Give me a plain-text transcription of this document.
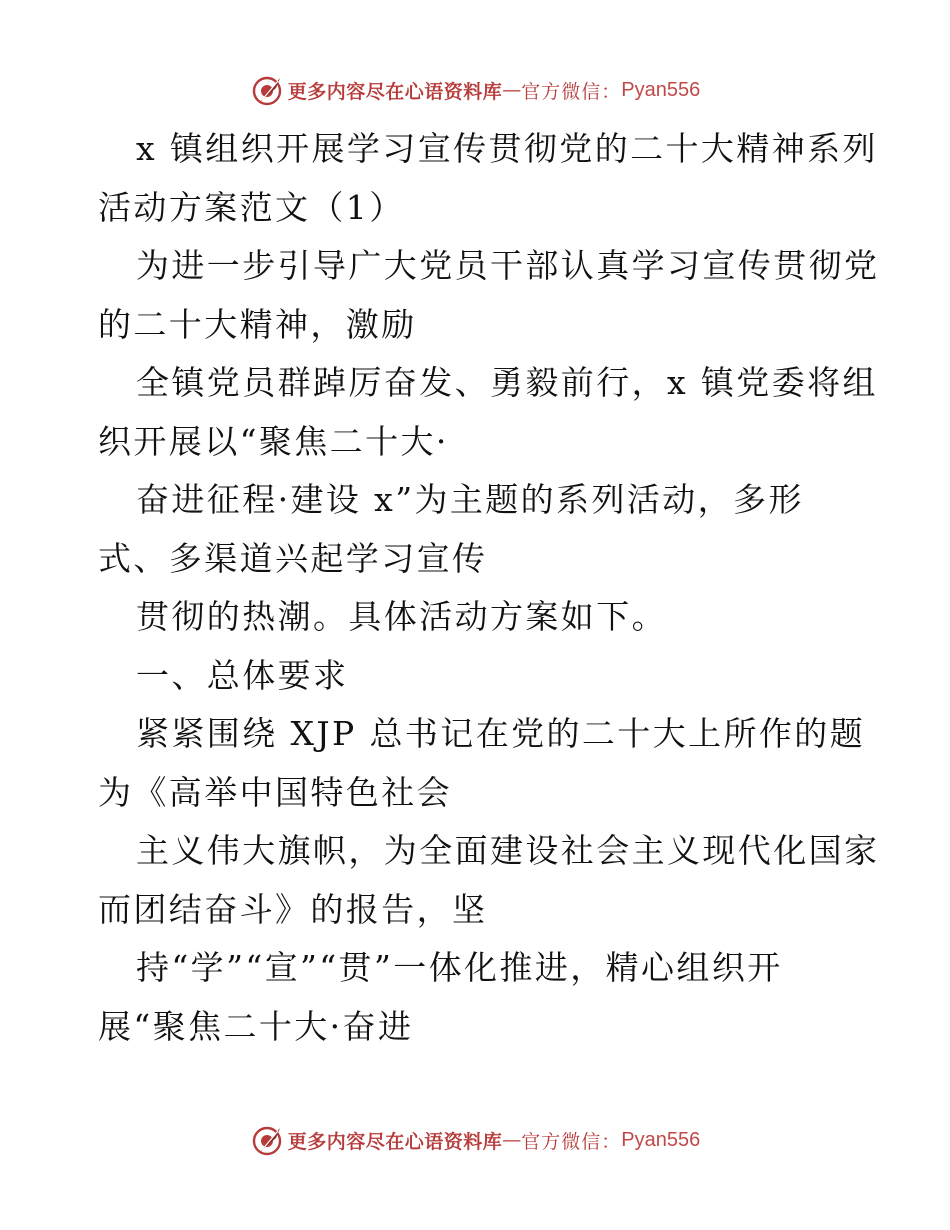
更多内容尽在心语资料库 — 官方微信： Pyan556
x 镇组织开展学习宣传贯彻党的二十大精神系列
活动方案范文（1）
为进一步引导广大党员干部认真学习宣传贯彻党
的二十大精神，激励
全镇党员群踔厉奋发、勇毅前行，x 镇党委将组
织开展以“聚焦二十大·
奋进征程·建设 x”为主题的系列活动，多形
式、多渠道兴起学习宣传
贯彻的热潮。具体活动方案如下。
一、总体要求
紧紧围绕 XJP 总书记在党的二十大上所作的题
为《高举中国特色社会
主义伟大旗帜，为全面建设社会主义现代化国家
而团结奋斗》的报告，坚
持“学”“宣”“贯”一体化推进，精心组织开
展“聚焦二十大·奋进
更多内容尽在心语资料库 — 官方微信： Pyan556
